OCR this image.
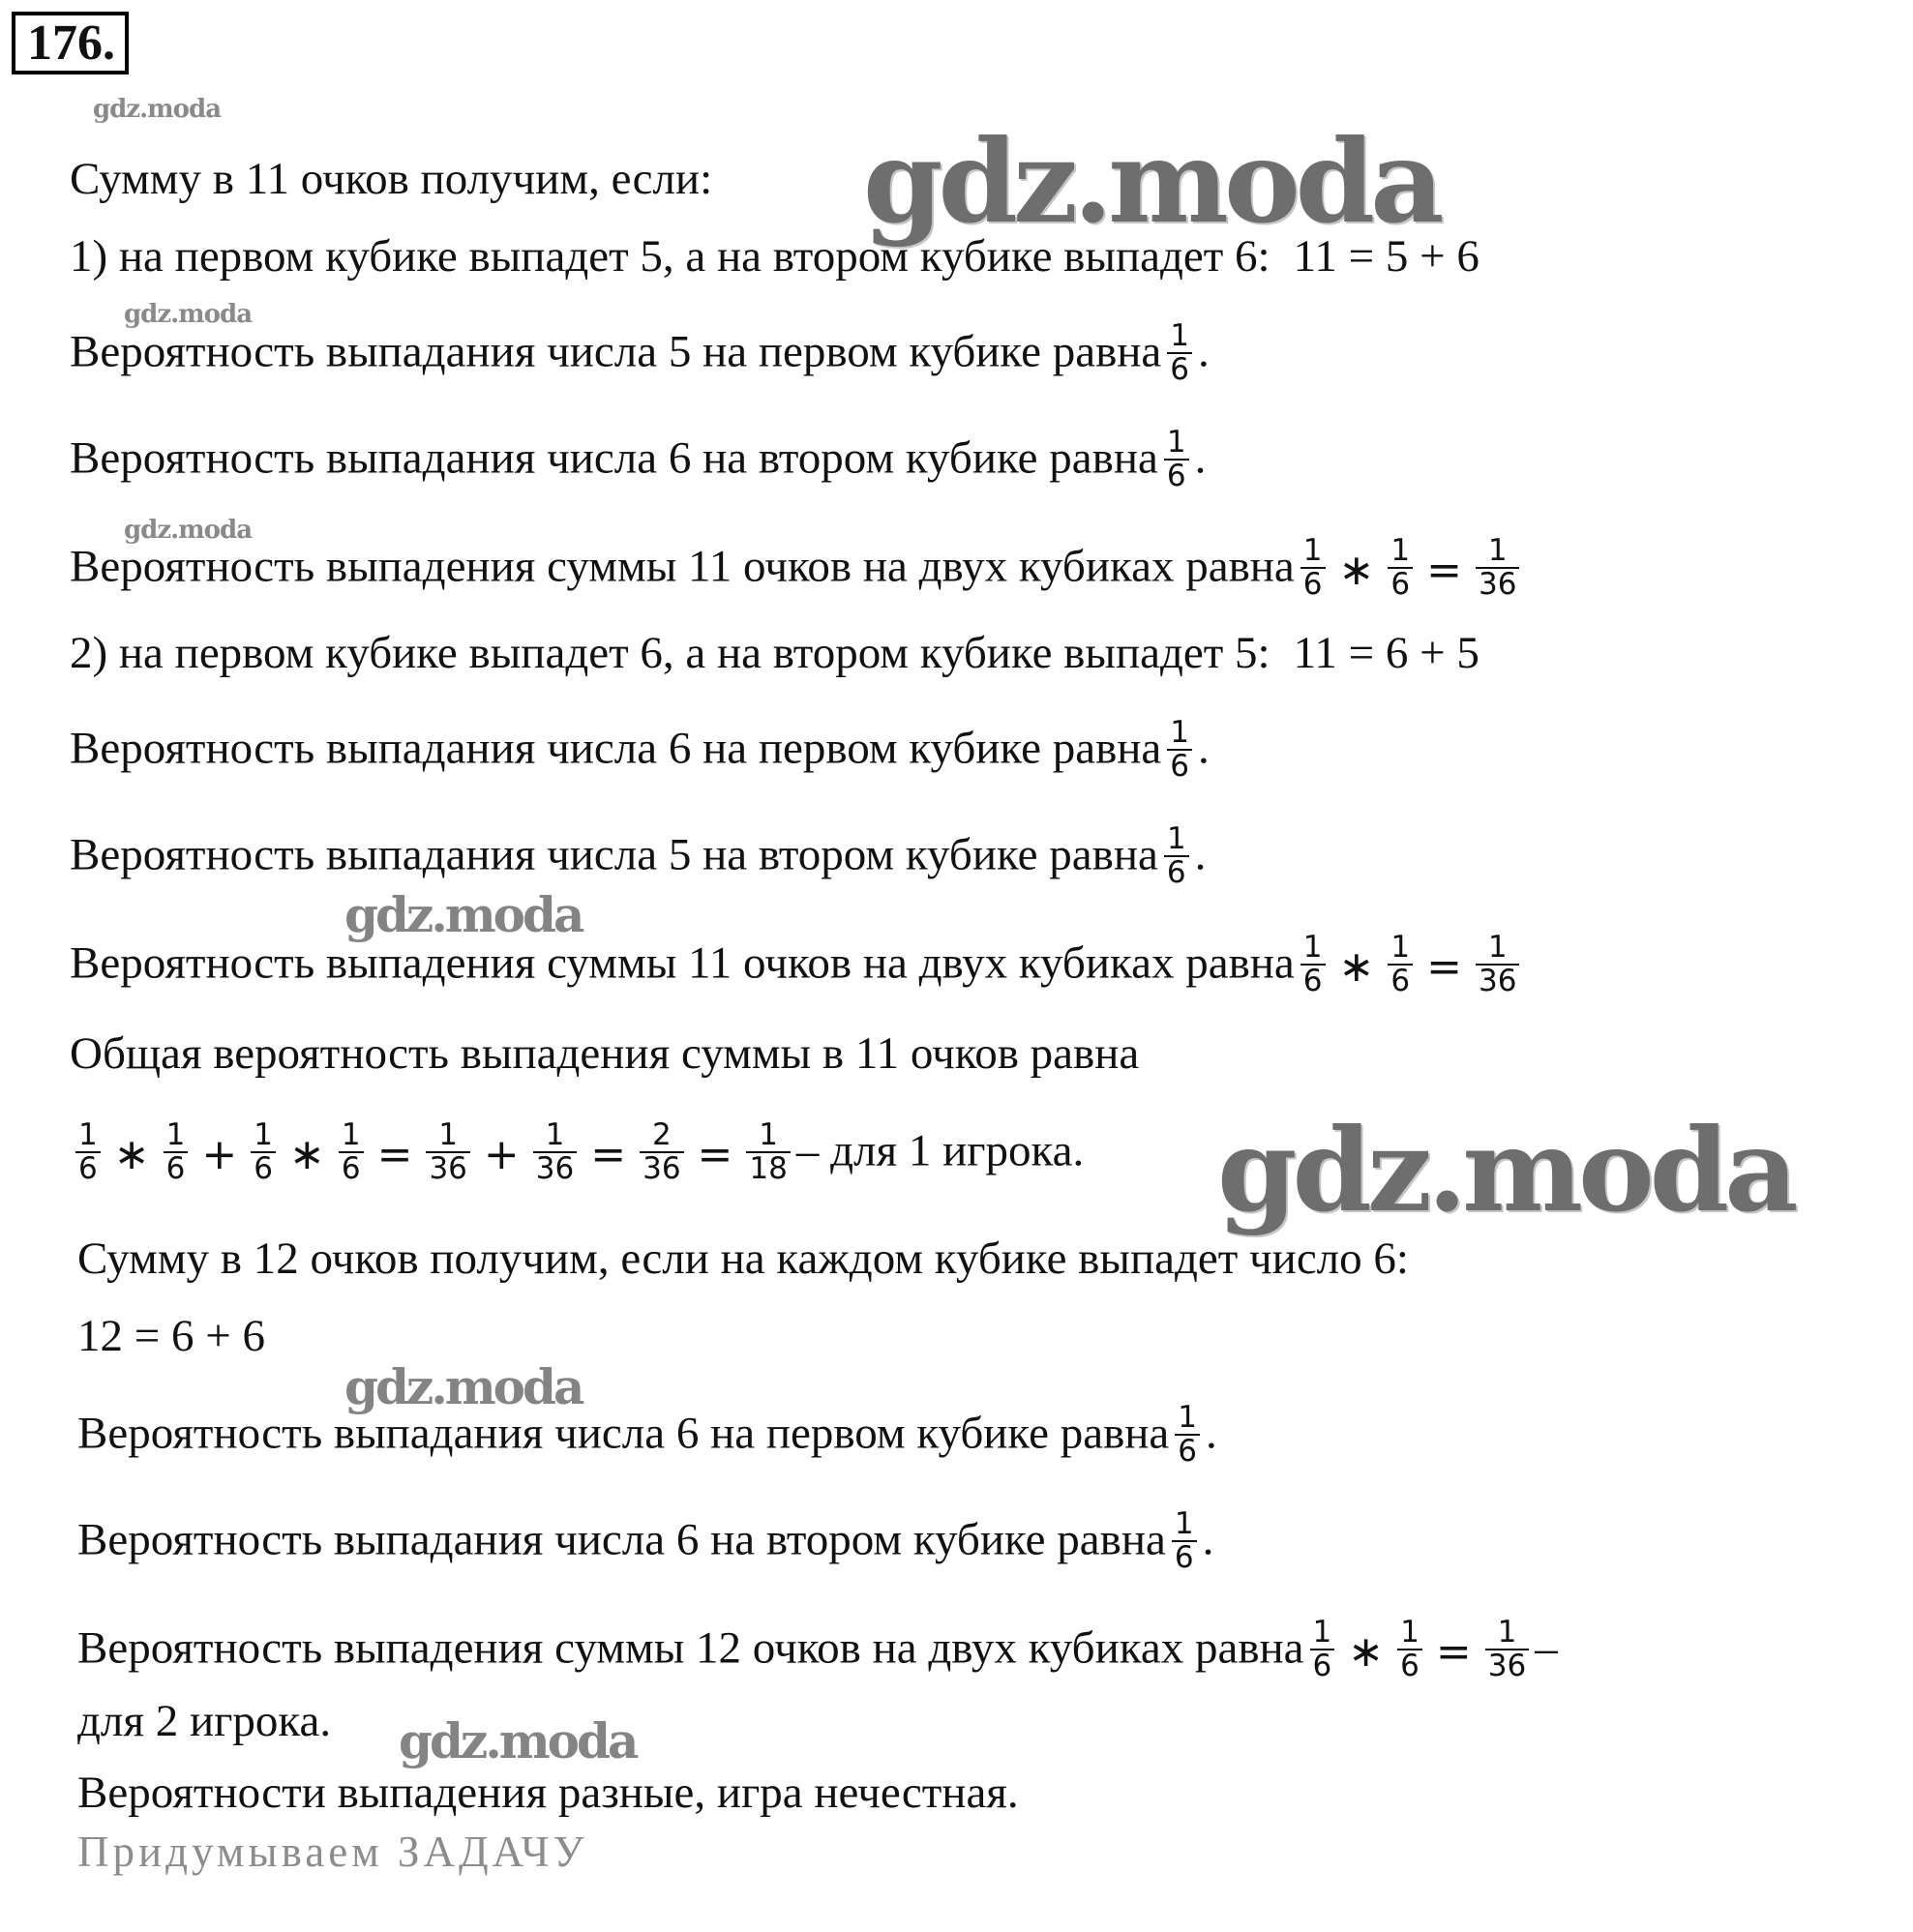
176.
gdz.moda
gdz.moda
gdz.moda
Сумму в 11 очков получим, если: gdz.moda
1) на первом кубике выпадет 5, а на втором кубике выпадет 6: 11 = 5 + 6
Вероятность выпадания числа 5 на первом кубике равна $\frac{1}{6}$ .
Вероятность выпадания числа 6 на втором кубике равна $\frac{1}{6}$ .
Вероятность выпадения суммы 11 очков на двух кубиках равна $\frac{1}{6}$ ∗ $\frac{1}{6} = \frac{1}{36}$
2) на первом кубике выпадет 6, а на втором кубике выпадет 5: 11 = 6 + 5
Вероятность выпадания числа 6 на первом кубике равна $\frac{1}{6}$ .
Вероятность выпадания числа 5 на втором кубике равна $\frac{1}{6}$ .
gdz.moda
Вероятность выпадения суммы 11 очков на двух кубиках равна $\frac{1}{6}$ ∗ $\frac{1}{6} = \frac{1}{36}$
Общая вероятность выпадения суммы в 11 очков равна
$\frac{1}{6}$ ∗ $\frac{1}{6} + \frac{1}{6}$ ∗ $\frac{1}{6} = \frac{1}{36} + \frac{1}{36} = \frac{2}{36} = \frac{1}{18}$ – для 1 игрока. gdz.moda
Сумму в 12 очков получим, если на каждом кубике выпадет число 6:
12 = 6 + 6
gdz.moda
Вероятность выпадания числа 6 на первом кубике равна $\frac{1}{6}$ .
Вероятность выпадания числа 6 на втором кубике равна $\frac{1}{6}$ .
Вероятность выпадения суммы 12 очков на двух кубиках равна $\frac{1}{6}$ ∗ $\frac{1}{6} = \frac{1}{36}$ –
для 2 игрока. gdz.moda
Вероятности выпадения разные, игра нечестная.
Придумываем ЗАДАЧУ
